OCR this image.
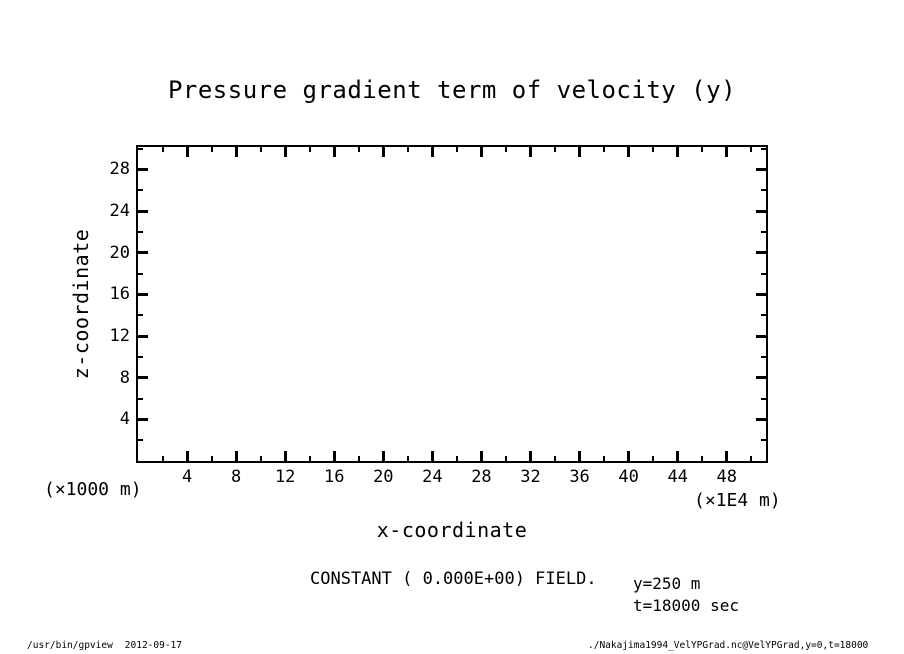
Pressure gradient term of velocity (y)
z-coordinate
4	8	12	16	20	24	28	32	36	40	44	48
4
8
12
16
20
24
28
(×1000 m)
(×1E4 m)
x-coordinate
CONSTANT ( 0.000E+00) FIELD. y=250 m
t=18000 sec
/usr/bin/gpview 2012-09-17	./Nakajima1994_VelYPGrad.nc@VelYPGrad,y=0,t=18000
